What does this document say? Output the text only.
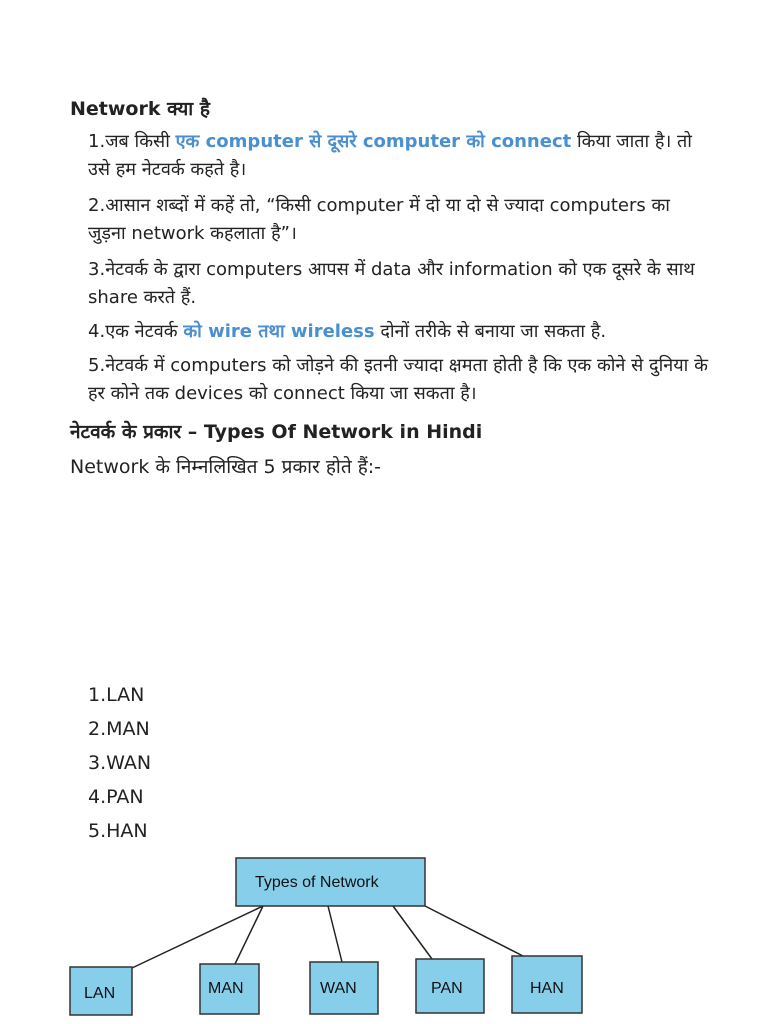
Network क्या है
1.जब किसी एक computer से दूसरे computer को connect किया जाता है। तो उसे हम नेटवर्क कहते है।
2.आसान शब्दों में कहें तो, “किसी computer में दो या दो से ज्यादा computers का जुड़ना network कहलाता है”।
3.नेटवर्क के द्वारा computers आपस में data और information को एक दूसरे के साथ share करते हैं.
4.एक नेटवर्क को wire तथा wireless दोनों तरीके से बनाया जा सकता है.
5.नेटवर्क में computers को जोड़ने की इतनी ज्यादा क्षमता होती है कि एक कोने से दुनिया के हर कोने तक devices को connect किया जा सकता है।
नेटवर्क के प्रकार – Types Of Network in Hindi
Network के निम्नलिखित 5 प्रकार होते हैं:-
1.LAN
2.MAN
3.WAN
4.PAN
5.HAN
Types of Network
LAN	MAN	WAN	PAN	HAN
